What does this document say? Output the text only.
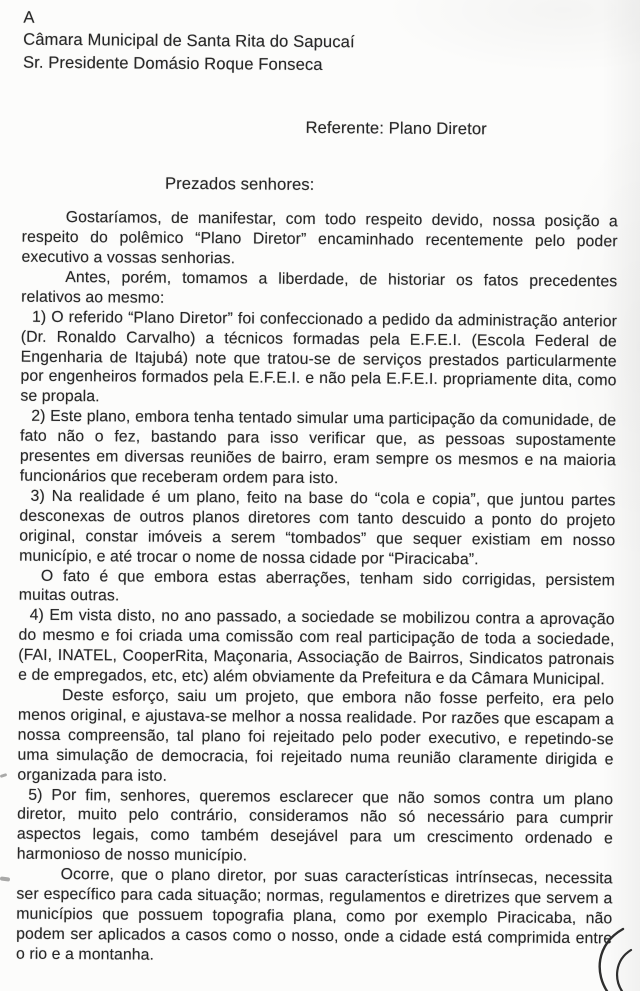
A
Câmara Municipal de Santa Rita do Sapucaí
Sr. Presidente Domásio Roque Fonseca
Referente: Plano Diretor
Prezados senhores:

Gostaríamos, de manifestar, com todo respeito devido, nossa posição a respeito do polêmico “Plano Diretor” encaminhado recentemente pelo poder executivo a vossas senhorias.

Antes, porém, tomamos a liberdade, de historiar os fatos precedentes relativos ao mesmo:

1) O referido “Plano Diretor” foi confeccionado a pedido da administração anterior (Dr. Ronaldo Carvalho) a técnicos formadas pela E.F.E.I. (Escola Federal de Engenharia de Itajubá) note que tratou-se de serviços prestados particularmente por engenheiros formados pela E.F.E.I. e não pela E.F.E.I. propriamente dita, como se propala.

2) Este plano, embora tenha tentado simular uma participação da comunidade, de fato não o fez, bastando para isso verificar que, as pessoas supostamente presentes em diversas reuniões de bairro, eram sempre os mesmos e na maioria funcionários que receberam ordem para isto.

3) Na realidade é um plano, feito na base do “cola e copia”, que juntou partes desconexas de outros planos diretores com tanto descuido a ponto do projeto original, constar imóveis a serem “tombados” que sequer existiam em nosso município, e até trocar o nome de nossa cidade por “Piracicaba”.

O fato é que embora estas aberrações, tenham sido corrigidas, persistem muitas outras.

4) Em vista disto, no ano passado, a sociedade se mobilizou contra a aprovação do mesmo e foi criada uma comissão com real participação de toda a sociedade, (FAI, INATEL, CooperRita, Maçonaria, Associação de Bairros, Sindicatos patronais e de empregados, etc, etc) além obviamente da Prefeitura e da Câmara Municipal.

Deste esforço, saiu um projeto, que embora não fosse perfeito, era pelo menos original, e ajustava-se melhor a nossa realidade. Por razões que escapam a nossa compreensão, tal plano foi rejeitado pelo poder executivo, e repetindo-se uma simulação de democracia, foi rejeitado numa reunião claramente dirigida e organizada para isto.

5) Por fim, senhores, queremos esclarecer que não somos contra um plano diretor, muito pelo contrário, consideramos não só necessário para cumprir aspectos legais, como também desejável para um crescimento ordenado e harmonioso de nosso município.

Ocorre, que o plano diretor, por suas características intrínsecas, necessita ser específico para cada situação; normas, regulamentos e diretrizes que servem a municípios que possuem topografia plana, como por exemplo Piracicaba, não podem ser aplicados a casos como o nosso, onde a cidade está comprimida entre o rio e a montanha.
